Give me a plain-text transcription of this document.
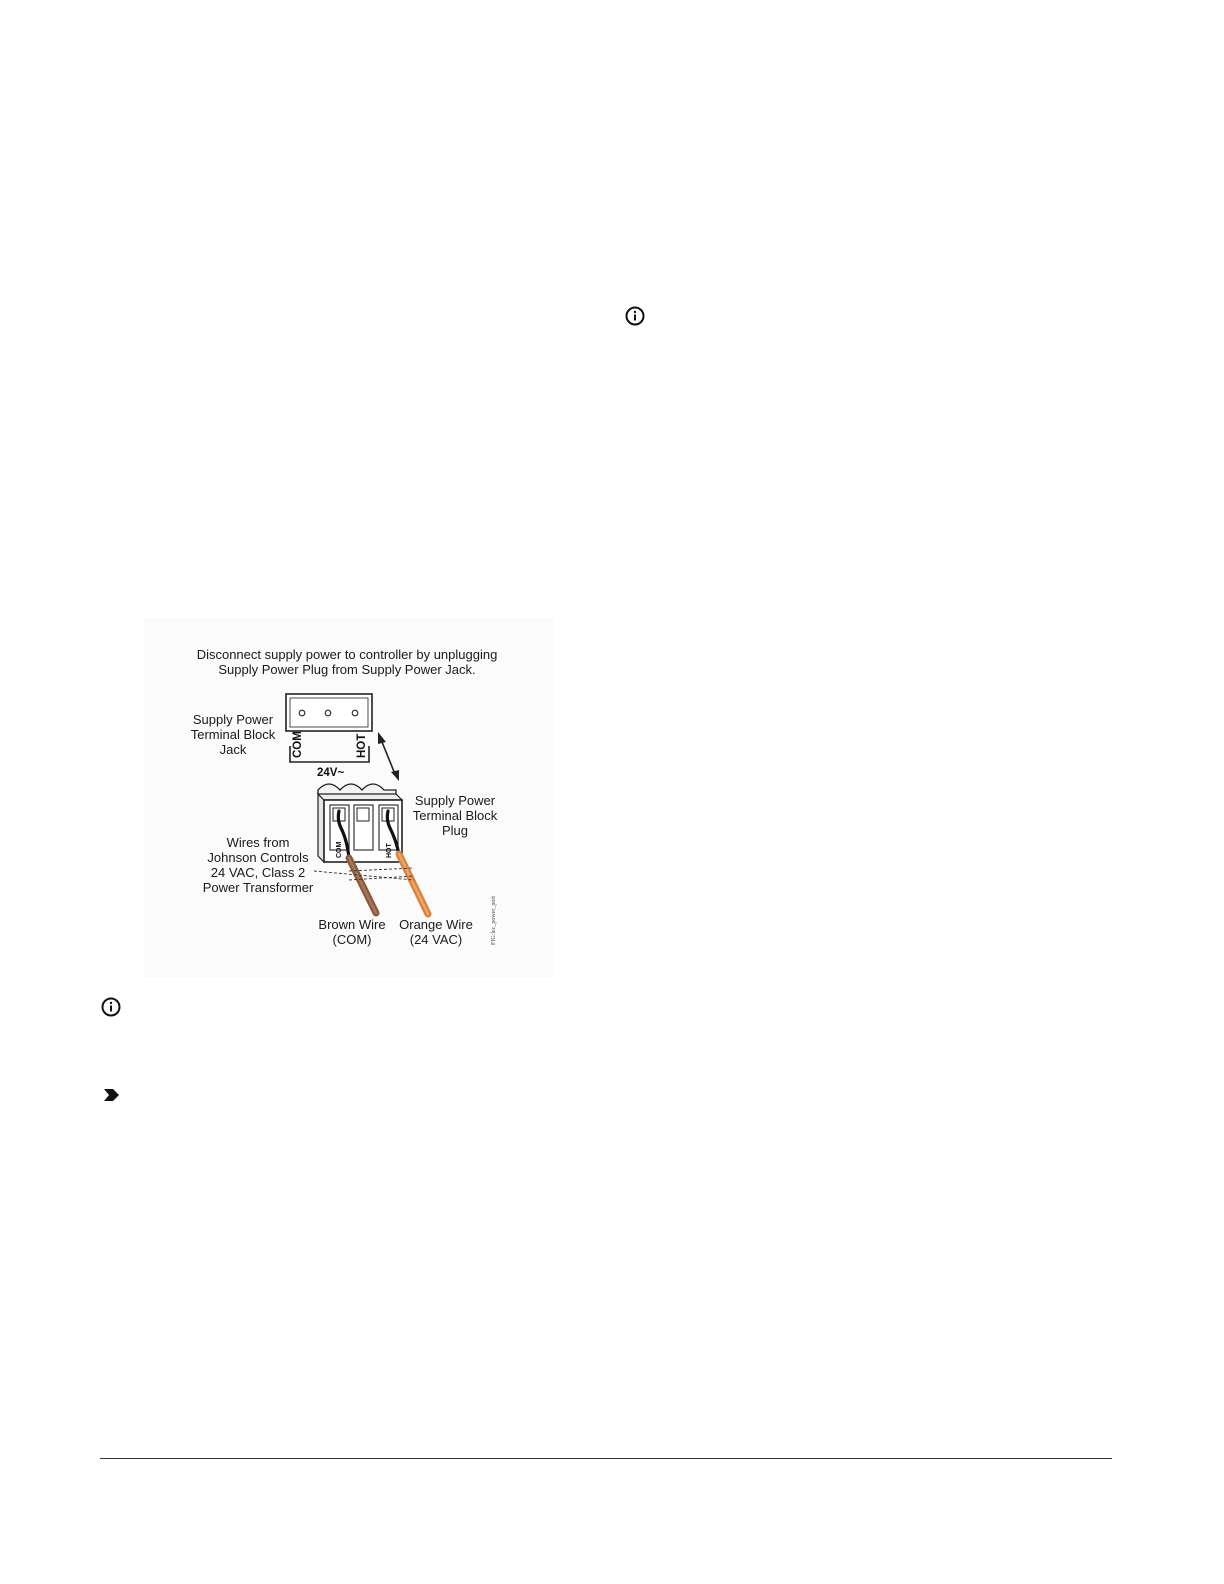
Disconnect supply power to controller by unplugging
Supply Power Plug from Supply Power Jack.
Supply Power
Terminal Block
Jack	COM	HOT
24V~
Supply Power
Terminal Block
Plug
COM	HOT
Wires from
Johnson Controls
24 VAC, Class 2
Power Transformer
Brown Wire
(COM)
Orange Wire
(24 VAC)	FIG:lec_power_port
